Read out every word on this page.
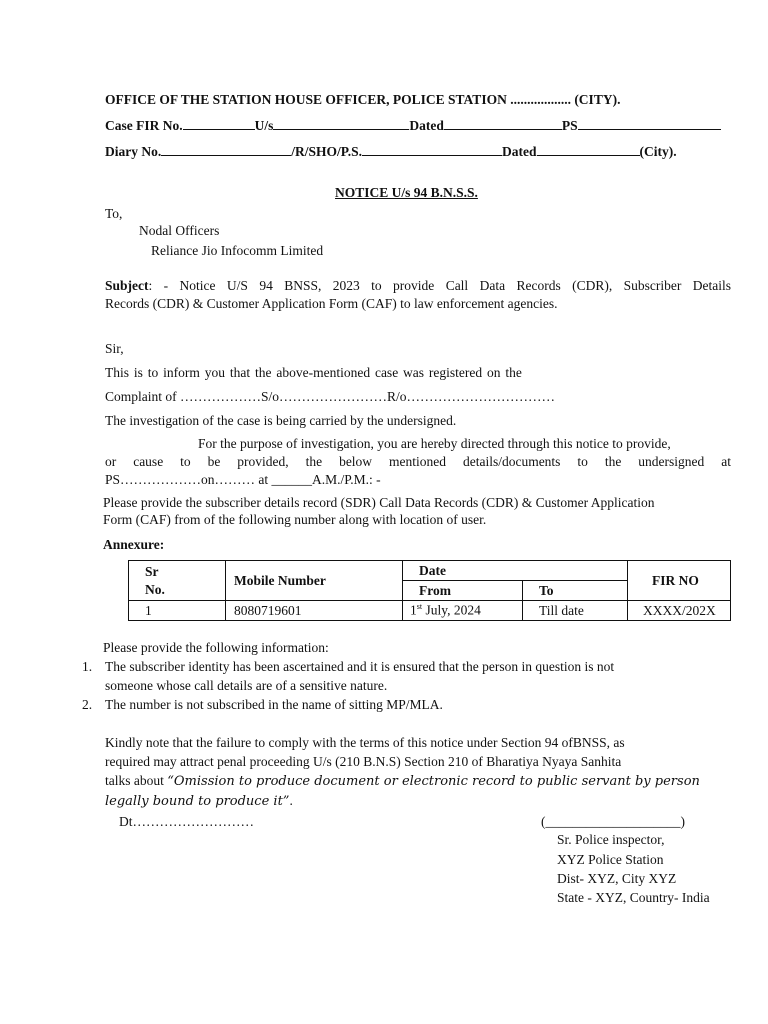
OFFICE OF THE STATION HOUSE OFFICER, POLICE STATION .................. (CITY).
Case FIR No.	U/s	Dated	PS
Diary No.	/R/SHO/P.S.	Dated	(City).
NOTICE U/s 94 B.N.S.S.
To,
Nodal Officers
Reliance Jio Infocomm Limited
Subject: - Notice U/S 94 BNSS, 2023 to provide Call Data Records (CDR), Subscriber Details
Records (CDR) & Customer Application Form (CAF) to law enforcement agencies.
Sir,
This is to inform you that the above-mentioned case was registered on the
Complaint of ………………S/o……………………R/o……………………………
The investigation of the case is being carried by the undersigned.
For the purpose of investigation, you are hereby directed through this notice to provide,
or cause to be provided, the below mentioned details/documents to the undersigned at
PS………………on……… at ______A.M./P.M.: -
Please provide the subscriber details record (SDR) Call Data Records (CDR) & Customer Application
Form (CAF) from of the following number along with location of user.
Annexure:
Sr
No.	Mobile Number	Date		FIR NO
		From	To	
1	8080719601	1st July, 2024	Till date	XXXX/202X
Please provide the following information:
1. The subscriber identity has been ascertained and it is ensured that the person in question is not
someone whose call details are of a sensitive nature.
2. The number is not subscribed in the name of sitting MP/MLA.
Kindly note that the failure to comply with the terms of this notice under Section 94 ofBNSS, as
required may attract penal proceeding U/s (210 B.N.S) Section 210 of Bharatiya Nyaya Sanhita
talks about “Omission to produce document or electronic record to public servant by person
legally bound to produce it”.
Dt………………………	(____________________)
Sr. Police inspector,
XYZ Police Station
Dist- XYZ, City XYZ
State - XYZ, Country- India
